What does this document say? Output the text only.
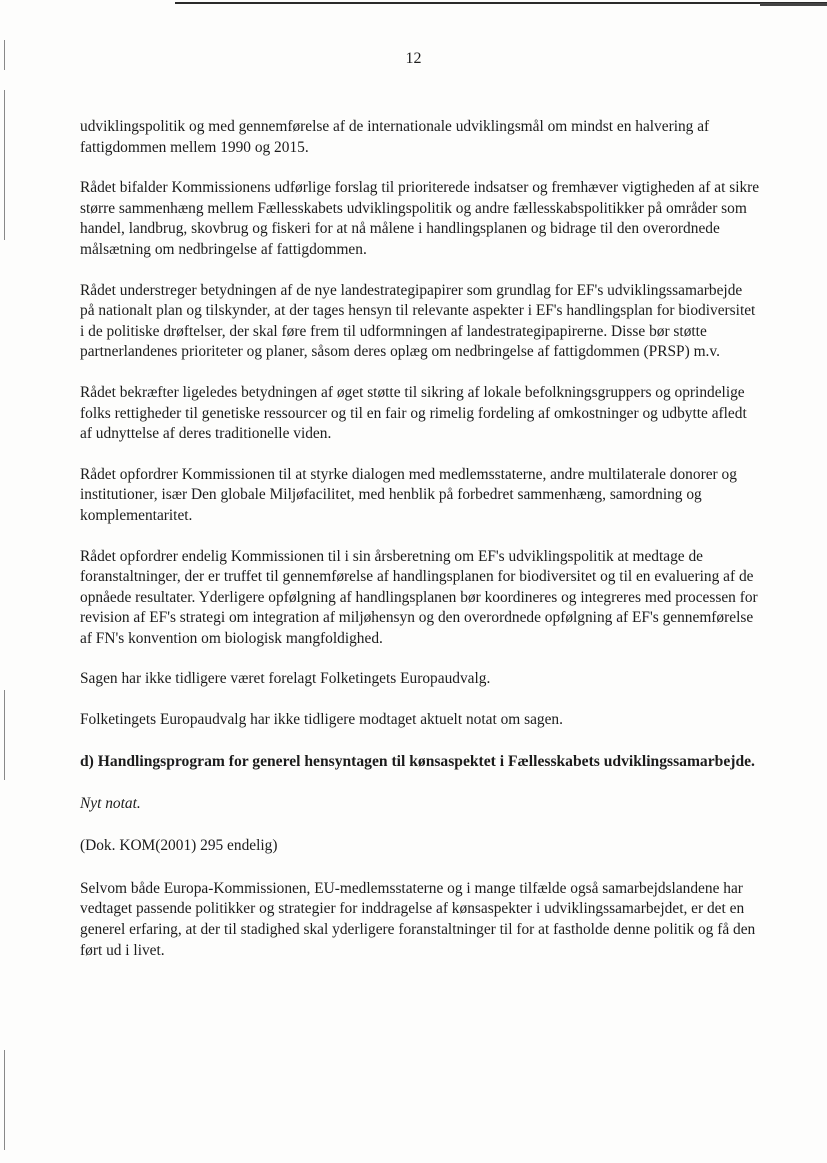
12

udviklingspolitik og med gennemførelse af de internationale udviklingsmål om mindst en halvering af fattigdommen mellem 1990 og 2015.

Rådet bifalder Kommissionens udførlige forslag til prioriterede indsatser og fremhæver vigtigheden af at sikre større sammenhæng mellem Fællesskabets udviklingspolitik og andre fællesskabspolitikker på områder som handel, landbrug, skovbrug og fiskeri for at nå målene i handlingsplanen og bidrage til den overordnede målsætning om nedbringelse af fattigdommen.

Rådet understreger betydningen af de nye landestrategipapirer som grundlag for EF's udviklingssamarbejde på nationalt plan og tilskynder, at der tages hensyn til relevante aspekter i EF's handlingsplan for biodiversitet i de politiske drøftelser, der skal føre frem til udformningen af landestrategipapirerne. Disse bør støtte partnerlandenes prioriteter og planer, såsom deres oplæg om nedbringelse af fattigdommen (PRSP) m.v.

Rådet bekræfter ligeledes betydningen af øget støtte til sikring af lokale befolkningsgruppers og oprindelige folks rettigheder til genetiske ressourcer og til en fair og rimelig fordeling af omkostninger og udbytte afledt af udnyttelse af deres traditionelle viden.

Rådet opfordrer Kommissionen til at styrke dialogen med medlemsstaterne, andre multilaterale donorer og institutioner, især Den globale Miljøfacilitet, med henblik på forbedret sammenhæng, samordning og komplementaritet.

Rådet opfordrer endelig Kommissionen til i sin årsberetning om EF's udviklingspolitik at medtage de foranstaltninger, der er truffet til gennemførelse af handlingsplanen for biodiversitet og til en evaluering af de opnåede resultater. Yderligere opfølgning af handlingsplanen bør koordineres og integreres med processen for revision af EF's strategi om integration af miljøhensyn og den overordnede opfølgning af EF's gennemførelse af FN's konvention om biologisk mangfoldighed.

Sagen har ikke tidligere været forelagt Folketingets Europaudvalg.

Folketingets Europaudvalg har ikke tidligere modtaget aktuelt notat om sagen.

d) Handlingsprogram for generel hensyntagen til kønsaspektet i Fællesskabets udviklingssamarbejde.

Nyt notat.

(Dok. KOM(2001) 295 endelig)

Selvom både Europa-Kommissionen, EU-medlemsstaterne og i mange tilfælde også samarbejdslandene har vedtaget passende politikker og strategier for inddragelse af kønsaspekter i udviklingssamarbejdet, er det en generel erfaring, at der til stadighed skal yderligere foranstaltninger til for at fastholde denne politik og få den ført ud i livet.
